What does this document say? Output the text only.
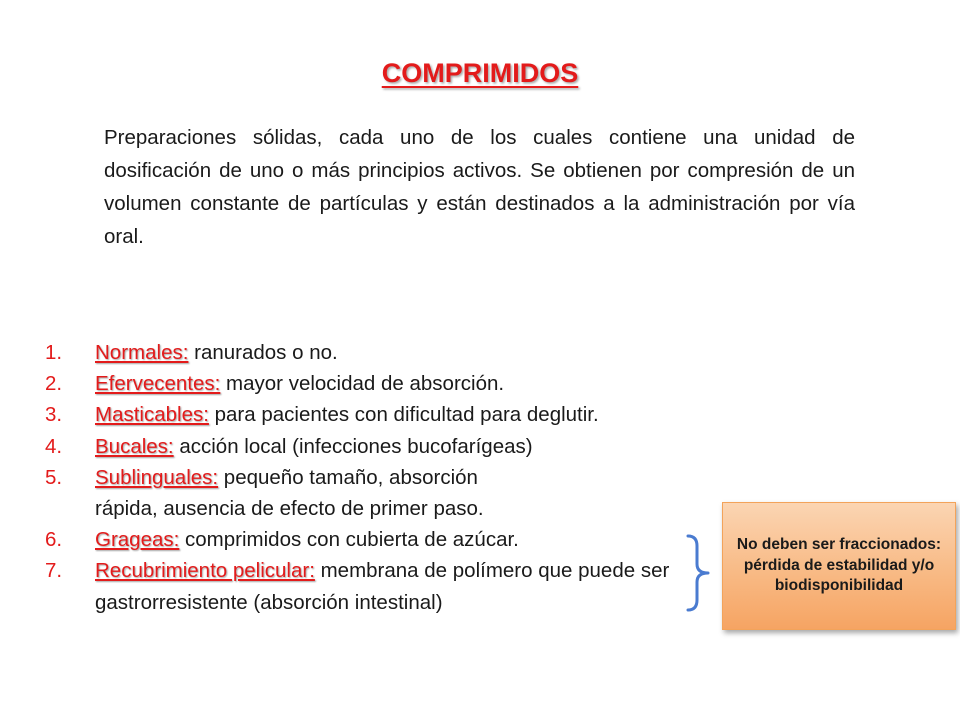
COMPRIMIDOS

Preparaciones sólidas, cada uno de los cuales contiene una unidad de dosificación de uno o más principios activos. Se obtienen por compresión de un volumen constante de partículas y están destinados a la administración por vía oral.

1. Normales: ranurados o no.
2. Efervecentes: mayor velocidad de absorción.
3. Masticables: para pacientes con dificultad para deglutir.
4. Bucales: acción local (infecciones bucofarígeas)
5. Sublinguales: pequeño tamaño, absorción rápida, ausencia de efecto de primer paso.
6. Grageas: comprimidos con cubierta de azúcar.
7. Recubrimiento pelicular: membrana de polímero que puede ser gastrorresistente (absorción intestinal)
No deben ser fraccionados: pérdida de estabilidad y/o biodisponibilidad
